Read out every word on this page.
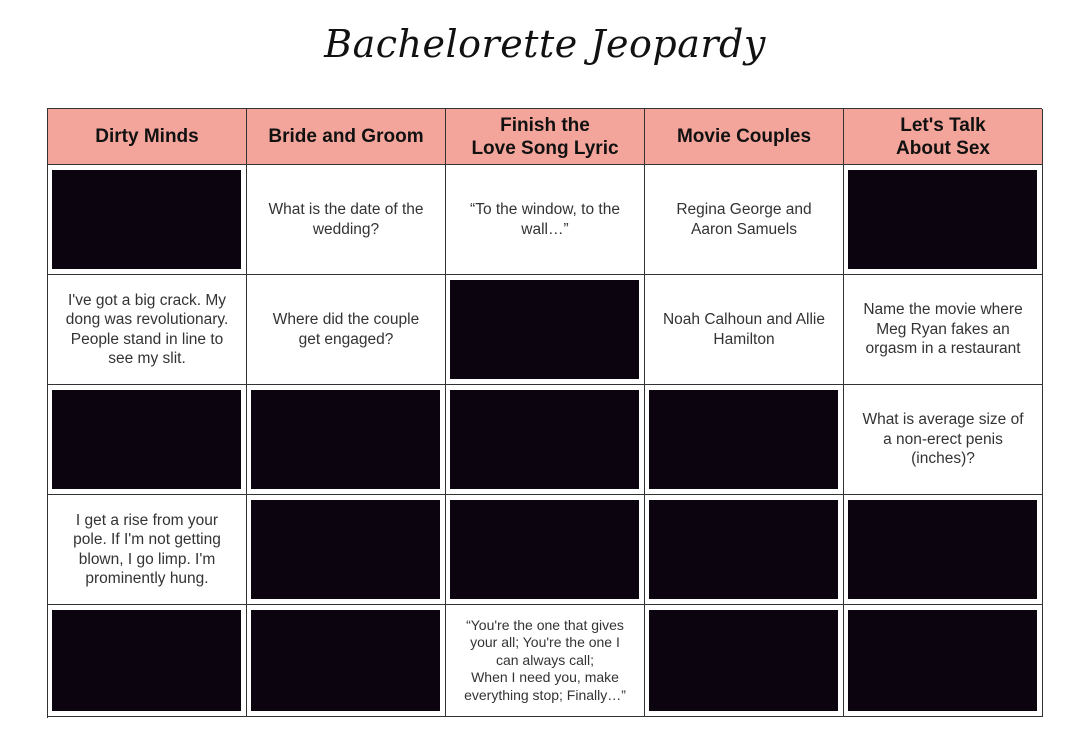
Bachelorette Jeopardy
Dirty Minds	Bride and Groom
Finish the
Love Song Lyric
Movie Couples
Let's Talk
About Sex
What is the date of the
wedding?
“To the window, to the
wall…”
Regina George and
Aaron Samuels
I've got a big crack. My
dong was revolutionary.
People stand in line to
see my slit.
Where did the couple
get engaged?
Noah Calhoun and Allie
Hamilton
Name the movie where
Meg Ryan fakes an
orgasm in a restaurant
What is average size of
a non-erect penis
(inches)?
I get a rise from your
pole. If I'm not getting
blown, I go limp. I'm
prominently hung.
“You're the one that gives
your all; You're the one I
can always call;
When I need you, make
everything stop; Finally…”
